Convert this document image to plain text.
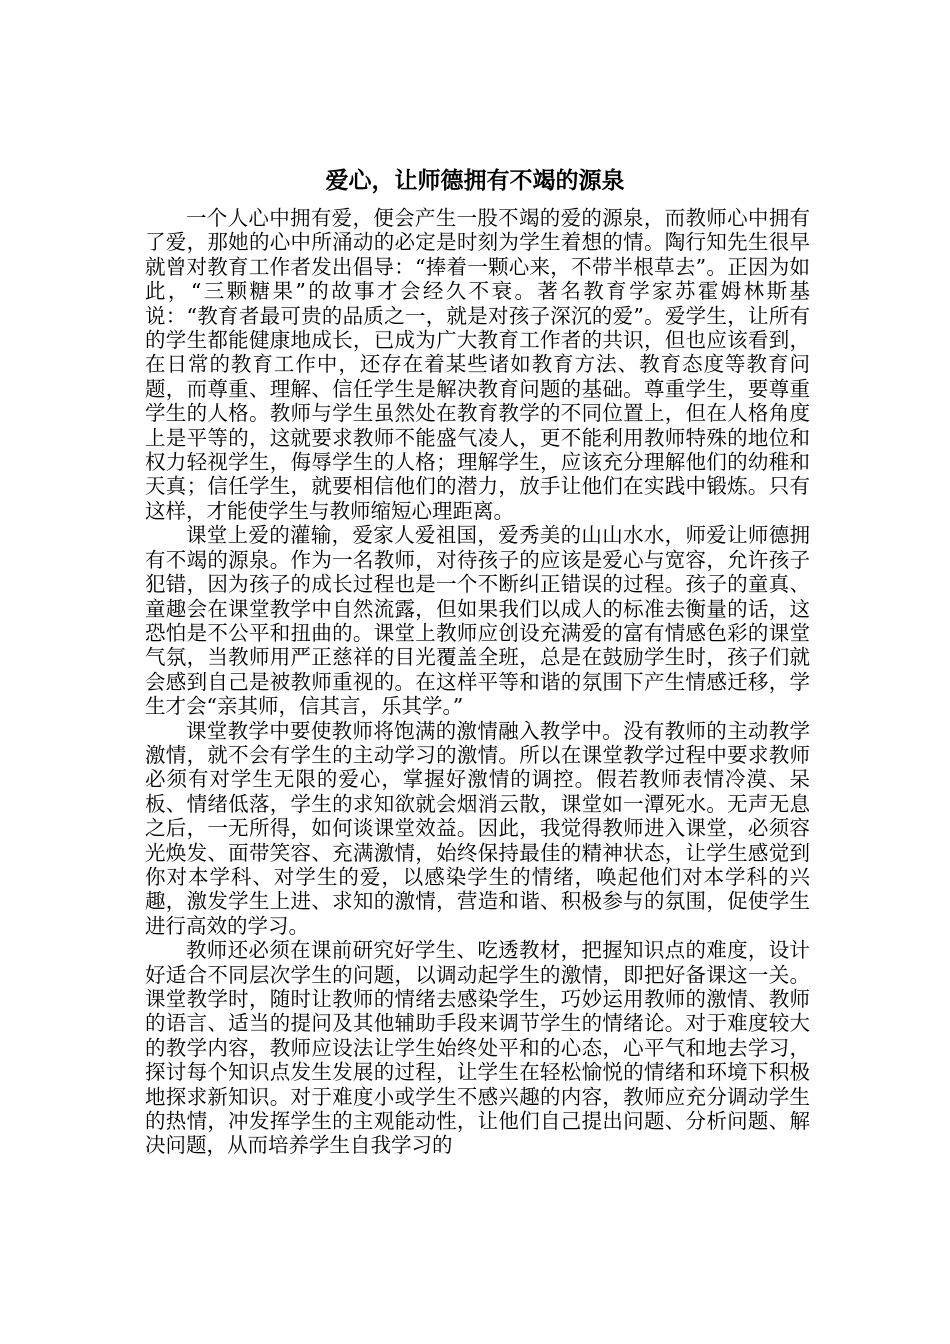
爱心，让师德拥有不竭的源泉

一个人心中拥有爱，便会产生一股不竭的爱的源泉，而教师心中拥有了爱，那她的心中所涌动的必定是时刻为学生着想的情。陶行知先生很早就曾对教育工作者发出倡导：“捧着一颗心来，不带半根草去”。正因为如此，“三颗糖果”的故事才会经久不衰。著名教育学家苏霍姆林斯基说：“教育者最可贵的品质之一，就是对孩子深沉的爱”。爱学生，让所有的学生都能健康地成长，已成为广大教育工作者的共识，但也应该看到，在日常的教育工作中，还存在着某些诸如教育方法、教育态度等教育问题，而尊重、理解、信任学生是解决教育问题的基础。尊重学生，要尊重学生的人格。教师与学生虽然处在教育教学的不同位置上，但在人格角度上是平等的，这就要求教师不能盛气凌人，更不能利用教师特殊的地位和权力轻视学生，侮辱学生的人格；理解学生，应该充分理解他们的幼稚和天真；信任学生，就要相信他们的潜力，放手让他们在实践中锻炼。只有这样，才能使学生与教师缩短心理距离。

课堂上爱的灌输，爱家人爱祖国，爱秀美的山山水水，师爱让师德拥有不竭的源泉。作为一名教师，对待孩子的应该是爱心与宽容，允许孩子犯错，因为孩子的成长过程也是一个不断纠正错误的过程。孩子的童真、童趣会在课堂教学中自然流露，但如果我们以成人的标准去衡量的话，这恐怕是不公平和扭曲的。课堂上教师应创设充满爱的富有情感色彩的课堂气氛，当教师用严正慈祥的目光覆盖全班，总是在鼓励学生时，孩子们就会感到自己是被教师重视的。在这样平等和谐的氛围下产生情感迁移，学生才会“亲其师，信其言，乐其学。”

课堂教学中要使教师将饱满的激情融入教学中。没有教师的主动教学激情，就不会有学生的主动学习的激情。所以在课堂教学过程中要求教师必须有对学生无限的爱心，掌握好激情的调控。假若教师表情冷漠、呆板、情绪低落，学生的求知欲就会烟消云散，课堂如一潭死水。无声无息之后，一无所得，如何谈课堂效益。因此，我觉得教师进入课堂，必须容光焕发、面带笑容、充满激情，始终保持最佳的精神状态，让学生感觉到你对本学科、对学生的爱，以感染学生的情绪，唤起他们对本学科的兴趣，激发学生上进、求知的激情，营造和谐、积极参与的氛围，促使学生进行高效的学习。

教师还必须在课前研究好学生、吃透教材，把握知识点的难度，设计好适合不同层次学生的问题，以调动起学生的激情，即把好备课这一关。课堂教学时，随时让教师的情绪去感染学生，巧妙运用教师的激情、教师的语言、适当的提问及其他辅助手段来调节学生的情绪论。对于难度较大的教学内容，教师应设法让学生始终处平和的心态，心平气和地去学习，探讨每个知识点发生发展的过程，让学生在轻松愉悦的情绪和环境下积极地探求新知识。对于难度小或学生不感兴趣的内容，教师应充分调动学生的热情，冲发挥学生的主观能动性，让他们自己提出问题、分析问题、解决问题，从而培养学生自我学习的
